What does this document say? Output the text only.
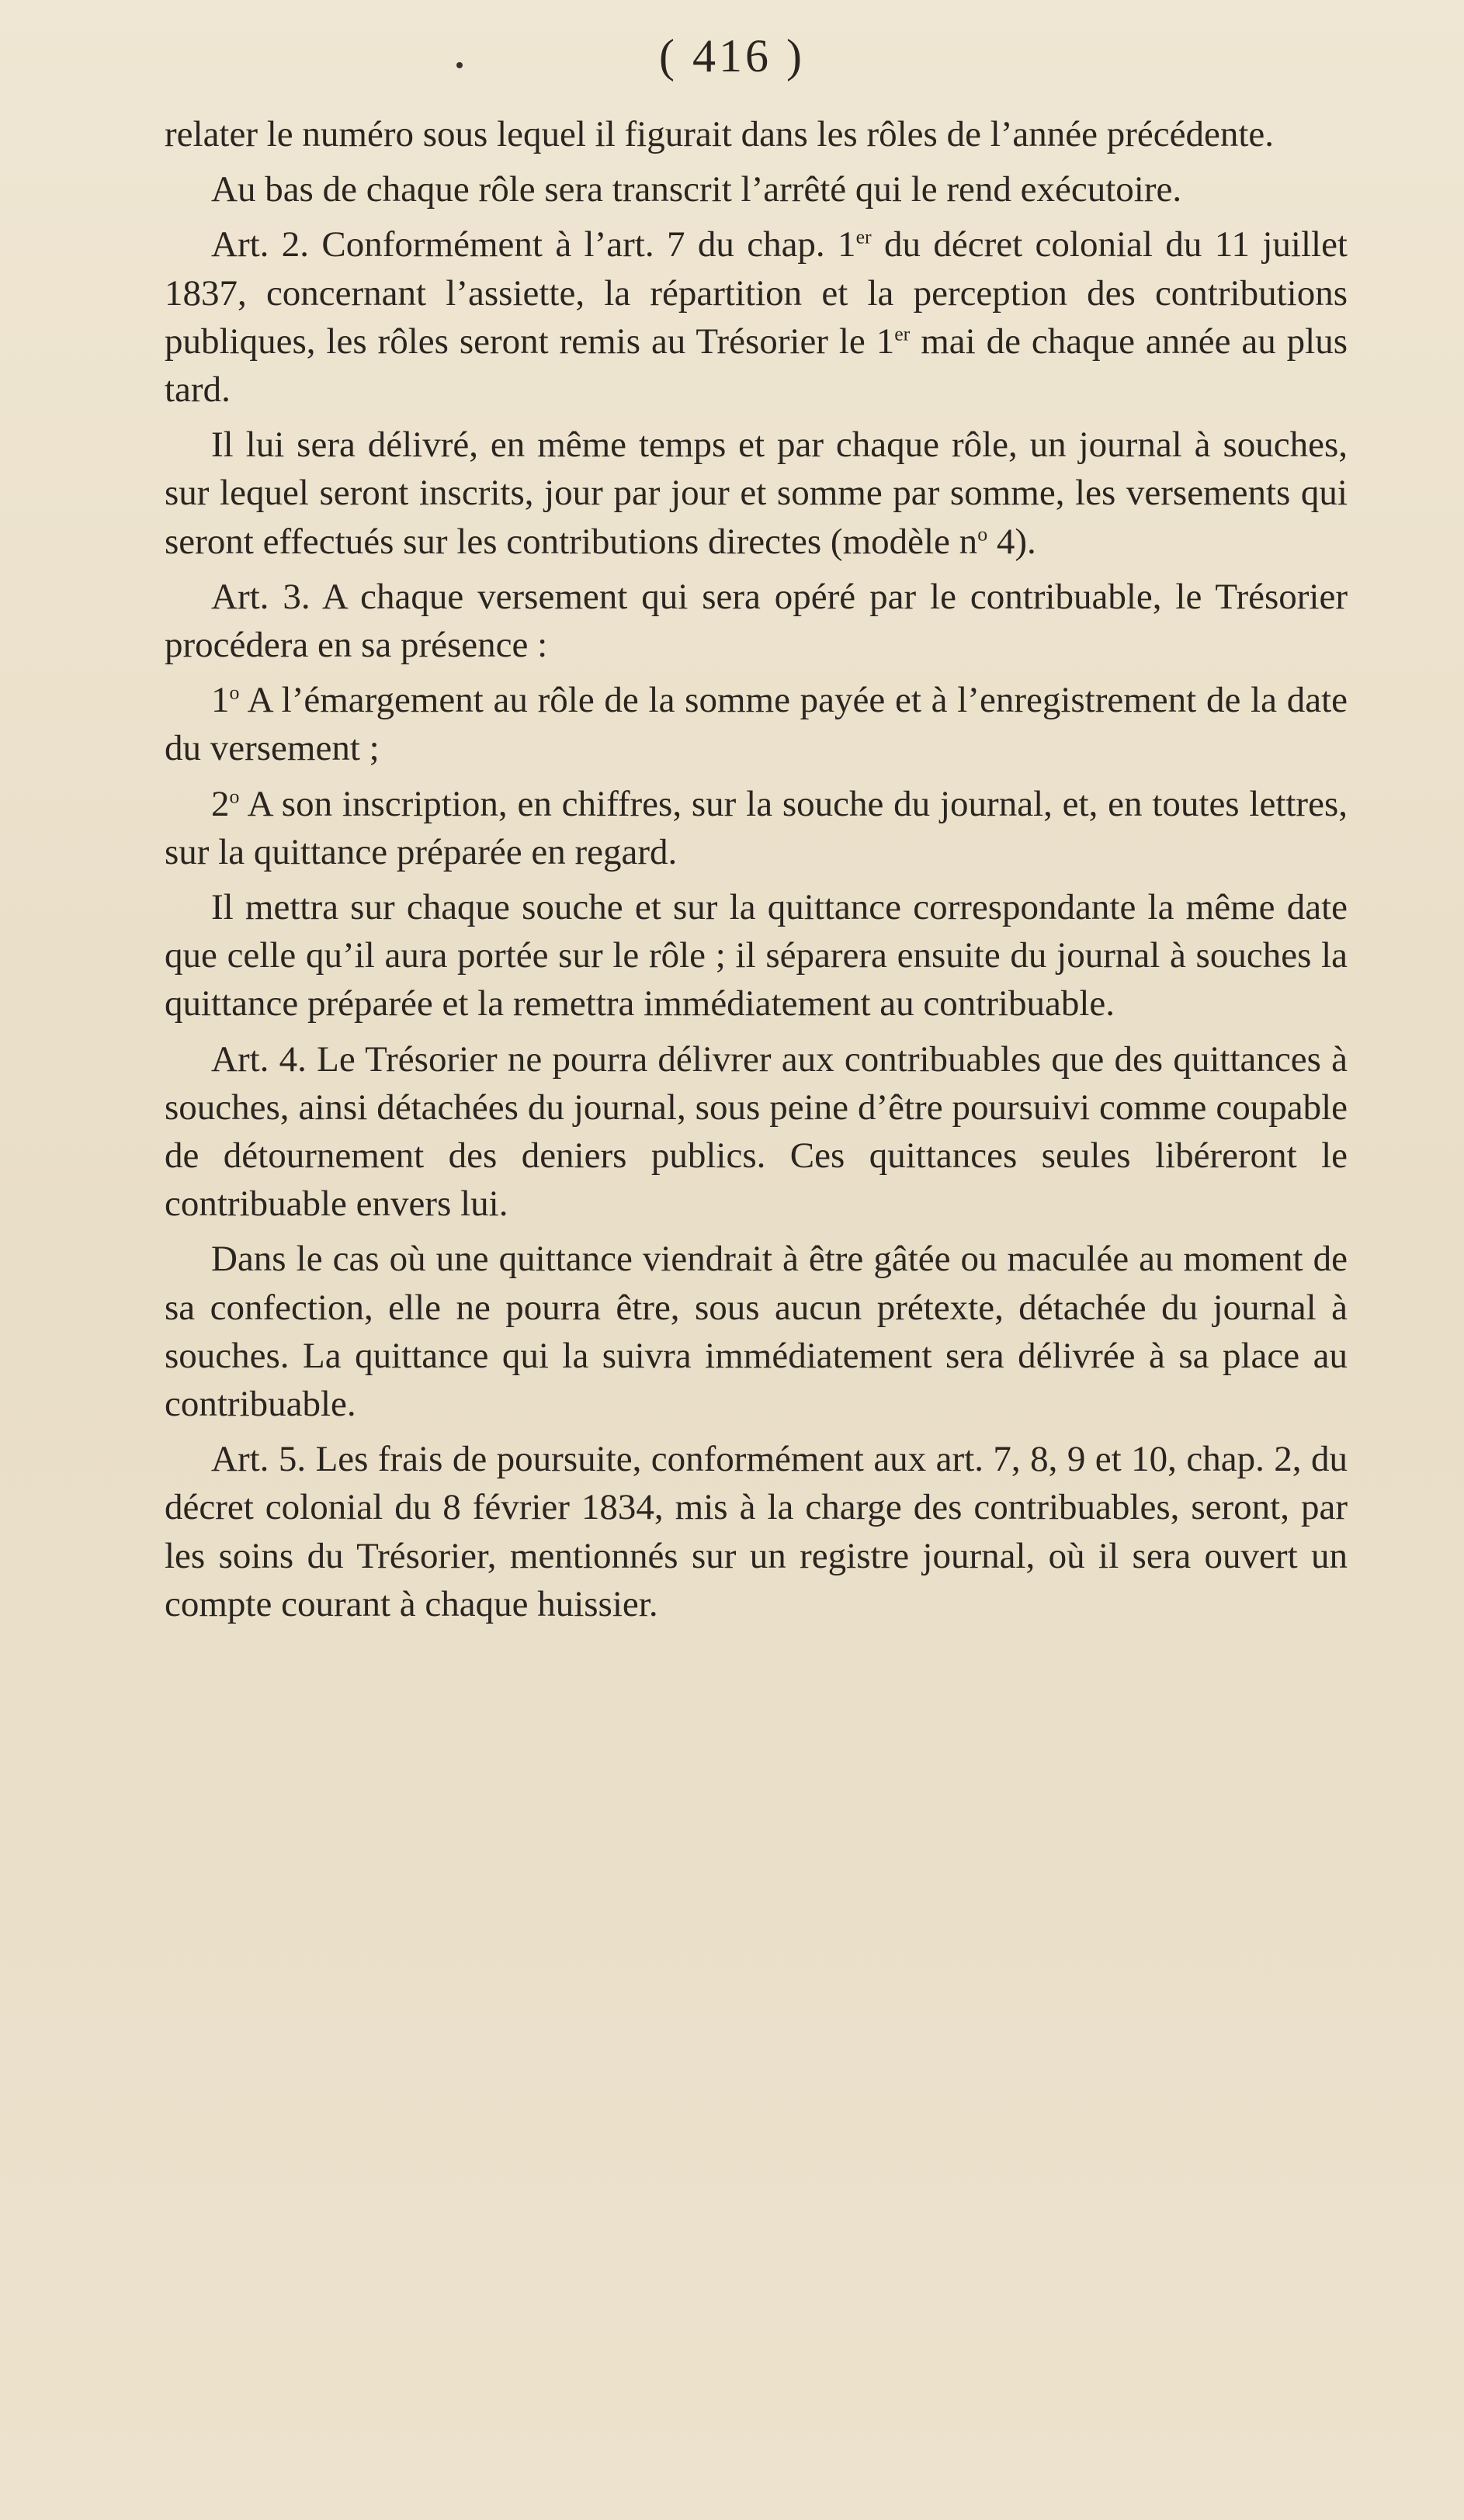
( 416 )

relater le numéro sous lequel il figurait dans les rôles de l’année précédente.

Au bas de chaque rôle sera transcrit l’arrêté qui le rend exécutoire.

Art. 2. Conformément à l’art. 7 du chap. 1er du décret colonial du 11 juillet 1837, concernant l’assiette, la répartition et la perception des contributions publiques, les rôles seront remis au Trésorier le 1er mai de chaque année au plus tard.

Il lui sera délivré, en même temps et par chaque rôle, un journal à souches, sur lequel seront inscrits, jour par jour et somme par somme, les versements qui seront effectués sur les contributions directes (modèle $n^o$ 4).

Art. 3. A chaque versement qui sera opéré par le contribuable, le Trésorier procédera en sa présence :

1$^o$ A l’émargement au rôle de la somme payée et à l’enregistrement de la date du versement ;

2$^o$ A son inscription, en chiffres, sur la souche du journal, et, en toutes lettres, sur la quittance préparée en regard.

Il mettra sur chaque souche et sur la quittance correspondante la même date que celle qu’il aura portée sur le rôle ; il séparera ensuite du journal à souches la quittance préparée et la remettra immédiatement au contribuable.

Art. 4. Le Trésorier ne pourra délivrer aux contribuables que des quittances à souches, ainsi détachées du journal, sous peine d’être poursuivi comme coupable de détournement des deniers publics. Ces quittances seules libéreront le contribuable envers lui.

Dans le cas où une quittance viendrait à être gâtée ou maculée au moment de sa confection, elle ne pourra être, sous aucun prétexte, détachée du journal à souches. La quittance qui la suivra immédiatement sera délivrée à sa place au contribuable.

Art. 5. Les frais de poursuite, conformément aux art. 7, 8, 9 et 10, chap. 2, du décret colonial du 8 février 1834, mis à la charge des contribuables, seront, par les soins du Trésorier, mentionnés sur un registre journal, où il sera ouvert un compte courant à chaque huissier.
